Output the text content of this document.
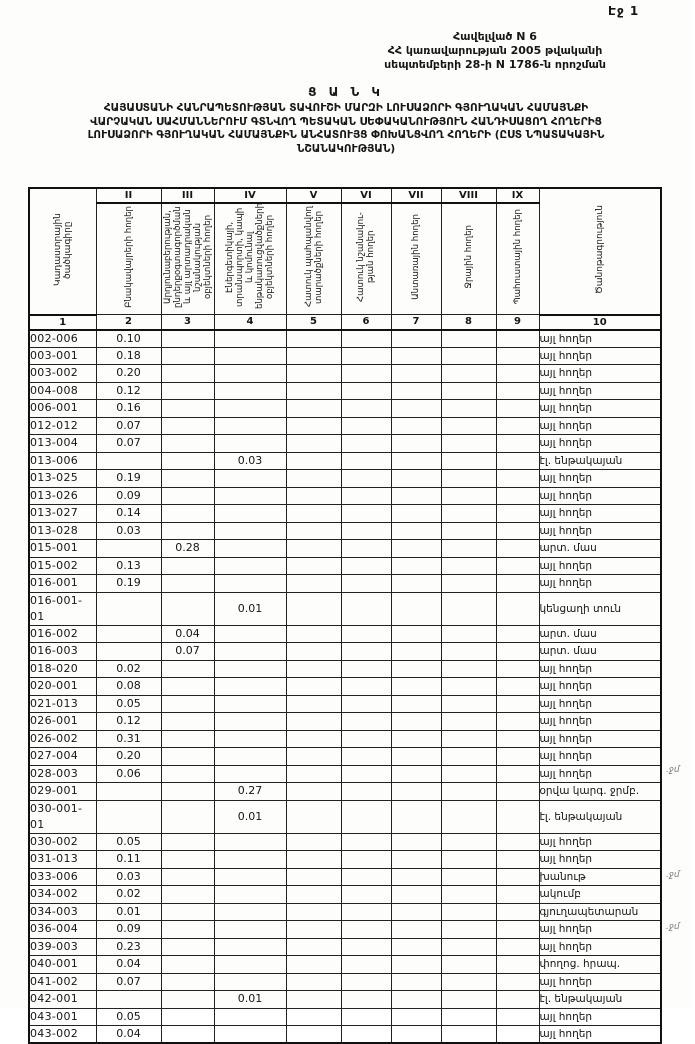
Էջ 1
Հավելված N 6
ՀՀ կառավարության 2005 թվականի
սեպտեմբերի 28-ի N 1786-ն որոշման
Ց Ա Ն Կ
ՀԱՅԱՍՏԱՆԻ ՀԱՆՐԱՊԵՏՈՒԹՅԱՆ ՏԱՎՈՒՇԻ ՄԱՐԶԻ ԼՈՒՍԱՁՈՐԻ ԳՅՈՒՂԱԿԱՆ ՀԱՄԱՅՆՔԻ
ՎԱՐՉԱԿԱՆ ՍԱՀՄԱՆՆԵՐՈՒՄ ԳՏՆՎՈՂ ՊԵՏԱԿԱՆ ՍԵՓԱԿԱՆՈՒԹՅՈՒՆ ՀԱՆԴԻՍԱՑՈՂ ՀՈՂԵՐԻՑ
ԼՈՒՍԱՁՈՐԻ ԳՅՈՒՂԱԿԱՆ ՀԱՄԱՅՆՔԻՆ ԱՆՀԱՏՈՒՅՑ ՓՈԽԱՆՑՎՈՂ ՀՈՂԵՐԻ (ԸՍՏ ՆՊԱՏԱԿԱՅԻՆ
ՆՇԱՆԱԿՈՒԹՅԱՆ)
Կադաստրային ծածկագիրը	II	III	IV	V	VI	VII	VIII	IX	Ծանոթագրություն
	Բնակավայրերի հողեր	Արդյունաբերության, ընդերքօգտագործման և այլ արտադրական նշանակության օբյեկտների հողեր	Էներգետիկայի, տրանսպորտի, կապի և կոմունալ ենթակառուցվածքների օբյեկտների հողեր	Հատուկ պահպանվող տարածքների հողեր	Հատուկ նշանակու-թյան հողեր	Անտառային հողեր	Ջրային հողեր	Պահուստային հողեր	
1	2	3	4	5	6	7	8	9	10
002-006	0.10								այլ հողեր
003-001	0.18								այլ հողեր
003-002	0.20								այլ հողեր
004-008	0.12								այլ հողեր
006-001	0.16								այլ հողեր
012-012	0.07								այլ հողեր
013-004	0.07								այլ հողեր
013-006			0.03						էլ. ենթակայան
013-025	0.19								այլ հողեր
013-026	0.09								այլ հողեր
013-027	0.14								այլ հողեր
013-028	0.03								այլ հողեր
015-001		0.28							արտ. մաս
015-002	0.13								այլ հողեր
016-001	0.19								այլ հողեր
016-001-01			0.01						կենցաղի տուն
016-002		0.04							արտ. մաս
016-003		0.07							արտ. մաս
018-020	0.02								այլ հողեր
020-001	0.08								այլ հողեր
021-013	0.05								այլ հողեր
026-001	0.12								այլ հողեր
026-002	0.31								այլ հողեր
027-004	0.20								այլ հողեր
028-003	0.06								այլ հողեր
029-001			0.27						օրվա կարգ. ջրմբ.
030-001-01			0.01						էլ. ենթակայան
030-002	0.05								այլ հողեր
031-013	0.11								այլ հողեր
033-006	0.03								խանութ
034-002	0.02								ակումբ
034-003	0.01								գյուղապետարան
036-004	0.09								այլ հողեր
039-003	0.23								այլ հողեր
040-001	0.04								փողոց. հրապ.
041-002	0.07								այլ հողեր
042-001			0.01						էլ. ենթակայան
043-001	0.05								այլ հողեր
043-002	0.04								այլ հողեր
.ջմ
.ջմ
.ջմ
